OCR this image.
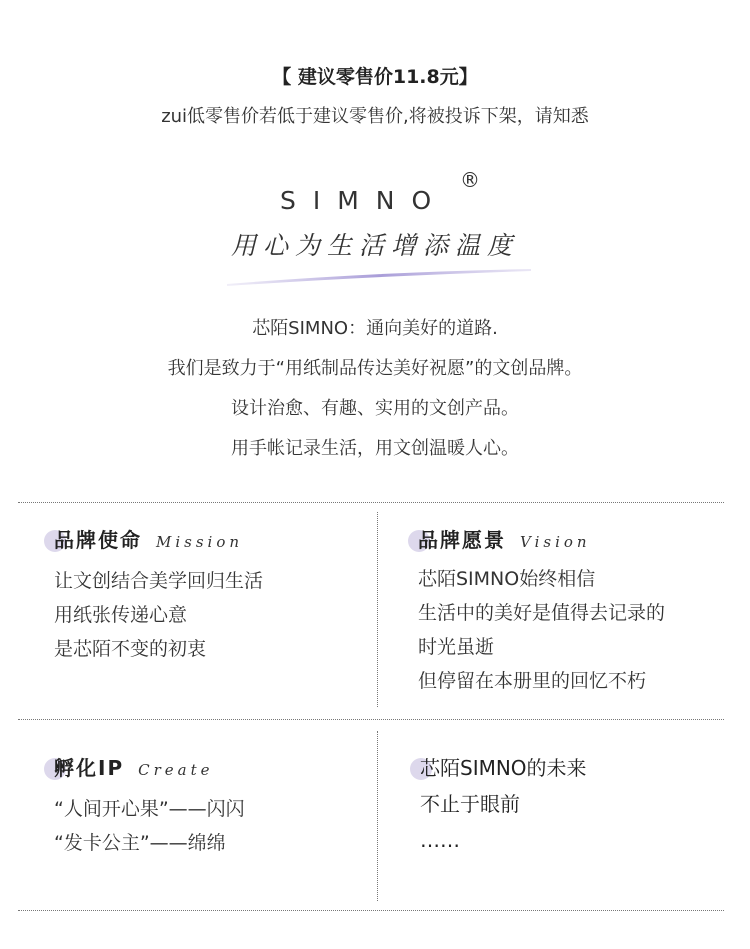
【 建议零售价11.8元】
zui低零售价若低于建议零售价,将被投诉下架，请知悉
SIMNO
®
用心为生活增添温度
芯陌SIMNO：通向美好的道路.
我们是致力于“用纸制品传达美好祝愿”的文创品牌。
设计治愈、有趣、实用的文创产品。
用手帐记录生活，用文创温暖人心。
品牌使命 Mission
让文创结合美学回归生活
用纸张传递心意
是芯陌不变的初衷
品牌愿景 Vision
芯陌SIMNO始终相信
生活中的美好是值得去记录的
时光虽逝
但停留在本册里的回忆不朽
孵化IP Create
“人间开心果”——闪闪
“发卡公主”——绵绵
芯陌SIMNO的未来
不止于眼前
……
